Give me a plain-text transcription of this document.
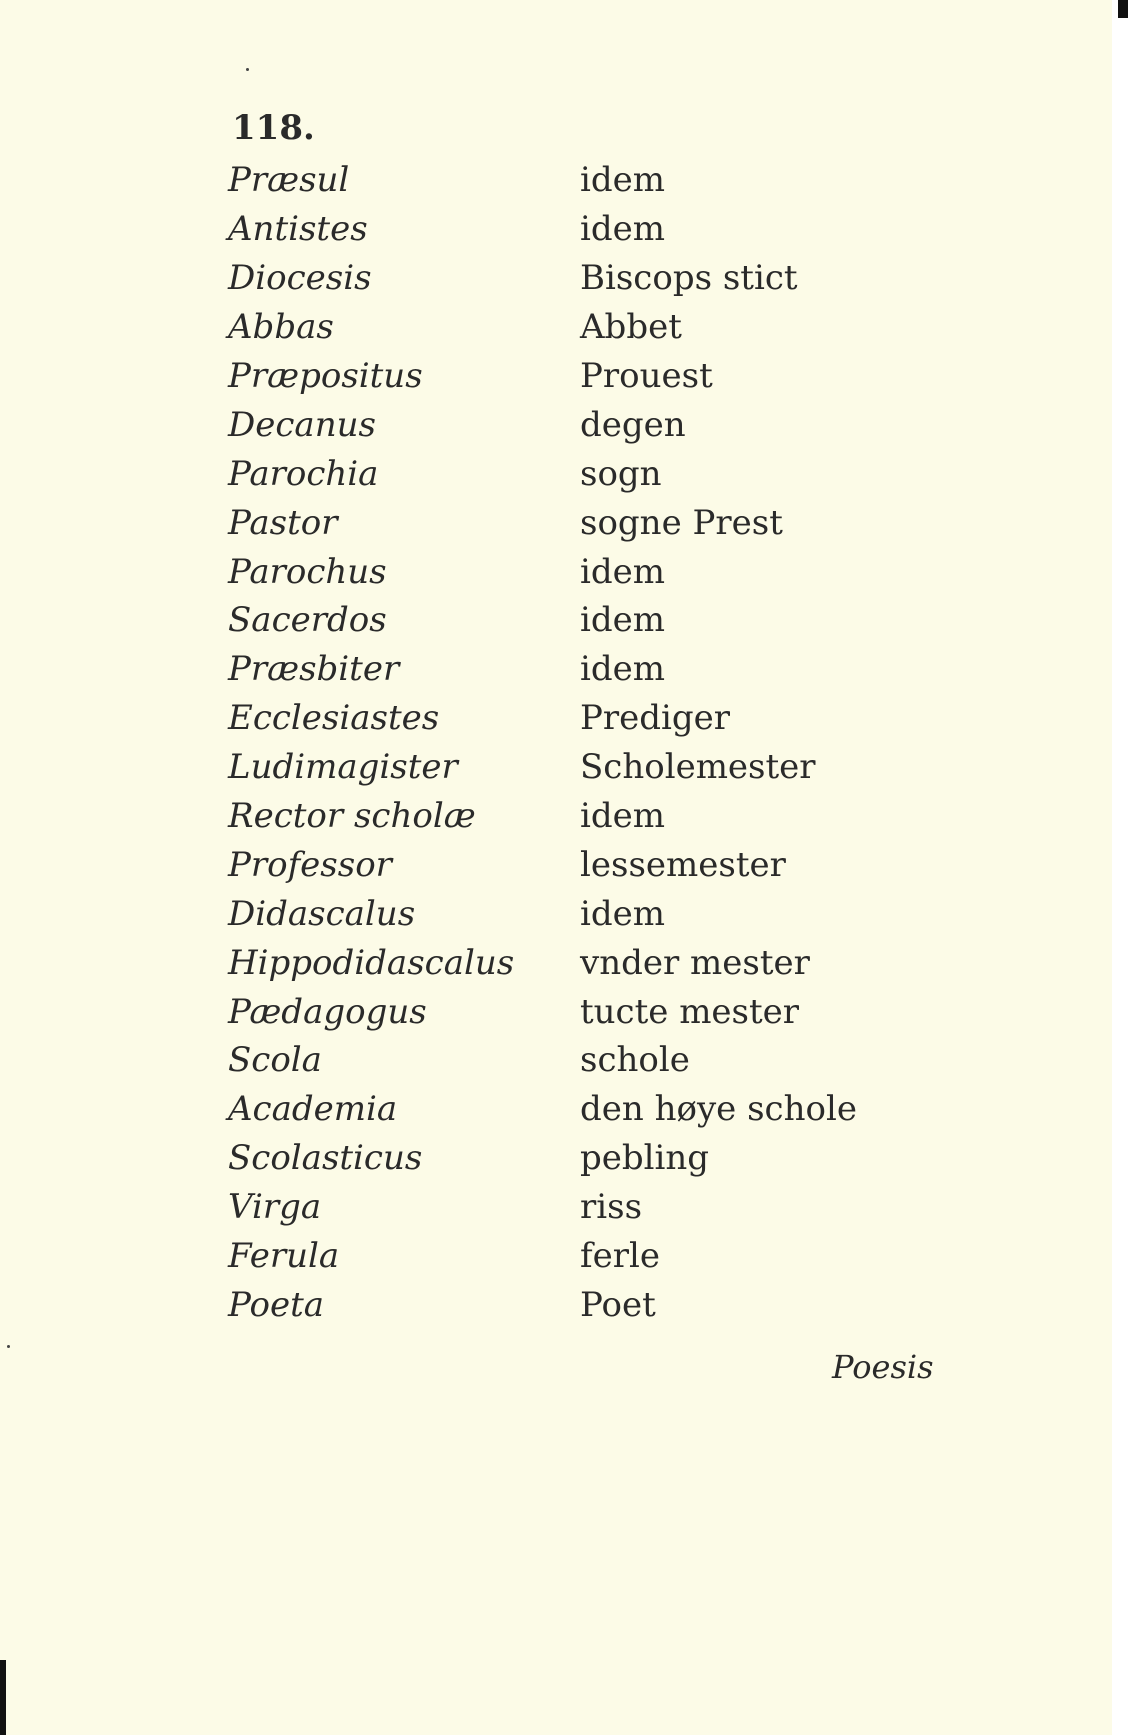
118.
Præsul	idem
Antistes	idem
Diocesis	Biscops stict
Abbas	Abbet
Præpositus	Prouest
Decanus	degen
Parochia	sogn
Pastor	sogne Prest
Parochus	idem
Sacerdos	idem
Præsbiter	idem
Ecclesiastes	Prediger
Ludimagister	Scholemester
Rector scholæ	idem
Professor	lessemester
Didascalus	idem
Hippodidascalus	vnder mester
Pædagogus	tucte mester
Scola	schole
Academia	den høye schole
Scolasticus	pebling
Virga	riss
Ferula	ferle
Poeta	Poet
Poesis
